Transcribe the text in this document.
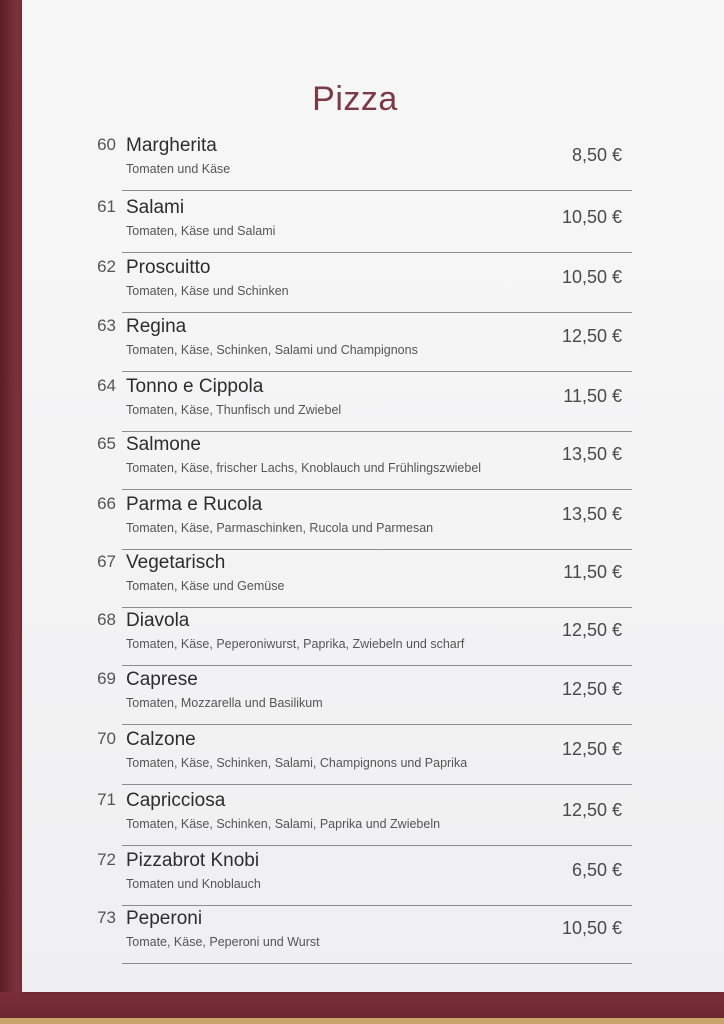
Pizza
60 Margherita
Tomaten und Käse
8,50 €
61 Salami
Tomaten, Käse und Salami
10,50 €
62 Proscuitto
Tomaten, Käse und Schinken
10,50 €
63 Regina
Tomaten, Käse, Schinken, Salami und Champignons
12,50 €
64 Tonno e Cippola
Tomaten, Käse, Thunfisch und Zwiebel
11,50 €
65 Salmone
Tomaten, Käse, frischer Lachs, Knoblauch und Frühlingszwiebel
13,50 €
66 Parma e Rucola
Tomaten, Käse, Parmaschinken, Rucola und Parmesan
13,50 €
67 Vegetarisch
Tomaten, Käse und Gemüse
11,50 €
68 Diavola
Tomaten, Käse, Peperoniwurst, Paprika, Zwiebeln und scharf
12,50 €
69 Caprese
Tomaten, Mozzarella und Basilikum
12,50 €
70 Calzone
Tomaten, Käse, Schinken, Salami, Champignons und Paprika
12,50 €
71 Capricciosa
Tomaten, Käse, Schinken, Salami, Paprika und Zwiebeln
12,50 €
72 Pizzabrot Knobi
Tomaten und Knoblauch
6,50 €
73 Peperoni
Tomate, Käse, Peperoni und Wurst
10,50 €
